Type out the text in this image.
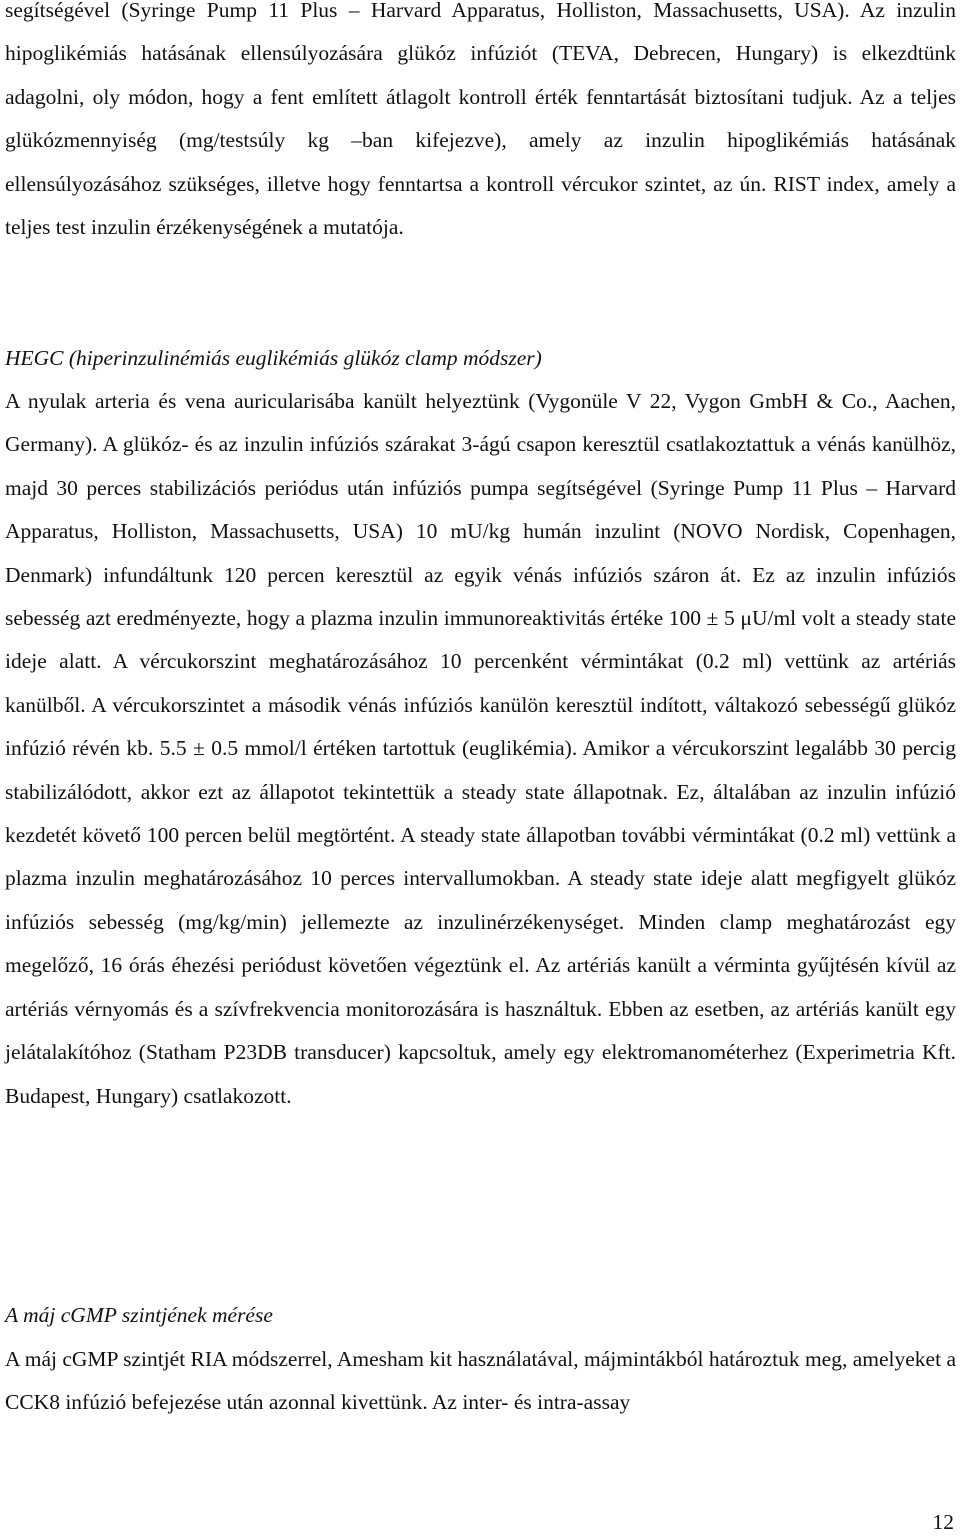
segítségével (Syringe Pump 11 Plus – Harvard Apparatus, Holliston, Massachusetts, USA). Az inzulin hipoglikémiás hatásának ellensúlyozására glükóz infúziót (TEVA, Debrecen, Hungary) is elkezdtünk adagolni, oly módon, hogy a fent említett átlagolt kontroll érték fenntartását biztosítani tudjuk. Az a teljes glükózmennyiség (mg/testsúly kg –ban kifejezve), amely az inzulin hipoglikémiás hatásának ellensúlyozásához szükséges, illetve hogy fenntartsa a kontroll vércukor szintet, az ún. RIST index, amely a teljes test inzulin érzékenységének a mutatója.

HEGC (hiperinzulinémiás euglikémiás glükóz clamp módszer)

A nyulak arteria és vena auricularisába kanült helyeztünk (Vygonüle V 22, Vygon GmbH & Co., Aachen, Germany). A glükóz- és az inzulin infúziós szárakat 3-ágú csapon keresztül csatlakoztattuk a vénás kanülhöz, majd 30 perces stabilizációs periódus után infúziós pumpa segítségével (Syringe Pump 11 Plus – Harvard Apparatus, Holliston, Massachusetts, USA) 10 mU/kg humán inzulint (NOVO Nordisk, Copenhagen, Denmark) infundáltunk 120 percen keresztül az egyik vénás infúziós száron át. Ez az inzulin infúziós sebesség azt eredményezte, hogy a plazma inzulin immunoreaktivitás értéke 100 ± 5 μU/ml volt a steady state ideje alatt. A vércukorszint meghatározásához 10 percenként vérmintákat (0.2 ml) vettünk az artériás kanülből. A vércukorszintet a második vénás infúziós kanülön keresztül indított, váltakozó sebességű glükóz infúzió révén kb. 5.5 ± 0.5 mmol/l értéken tartottuk (euglikémia). Amikor a vércukorszint legalább 30 percig stabilizálódott, akkor ezt az állapotot tekintettük a steady state állapotnak. Ez, általában az inzulin infúzió kezdetét követő 100 percen belül megtörtént. A steady state állapotban további vérmintákat (0.2 ml) vettünk a plazma inzulin meghatározásához 10 perces intervallumokban. A steady state ideje alatt megfigyelt glükóz infúziós sebesség (mg/kg/min) jellemezte az inzulinérzékenységet. Minden clamp meghatározást egy megelőző, 16 órás éhezési periódust követően végeztünk el. Az artériás kanült a vérminta gyűjtésén kívül az artériás vérnyomás és a szívfrekvencia monitorozására is használtuk. Ebben az esetben, az artériás kanült egy jelátalakítóhoz (Statham P23DB transducer) kapcsoltuk, amely egy elektromanométerhez (Experimetria Kft. Budapest, Hungary) csatlakozott.

A máj cGMP szintjének mérése

A máj cGMP szintjét RIA módszerrel, Amesham kit használatával, májmintákból határoztuk meg, amelyeket a CCK8 infúzió befejezése után azonnal kivettünk. Az inter- és intra-assay

12
